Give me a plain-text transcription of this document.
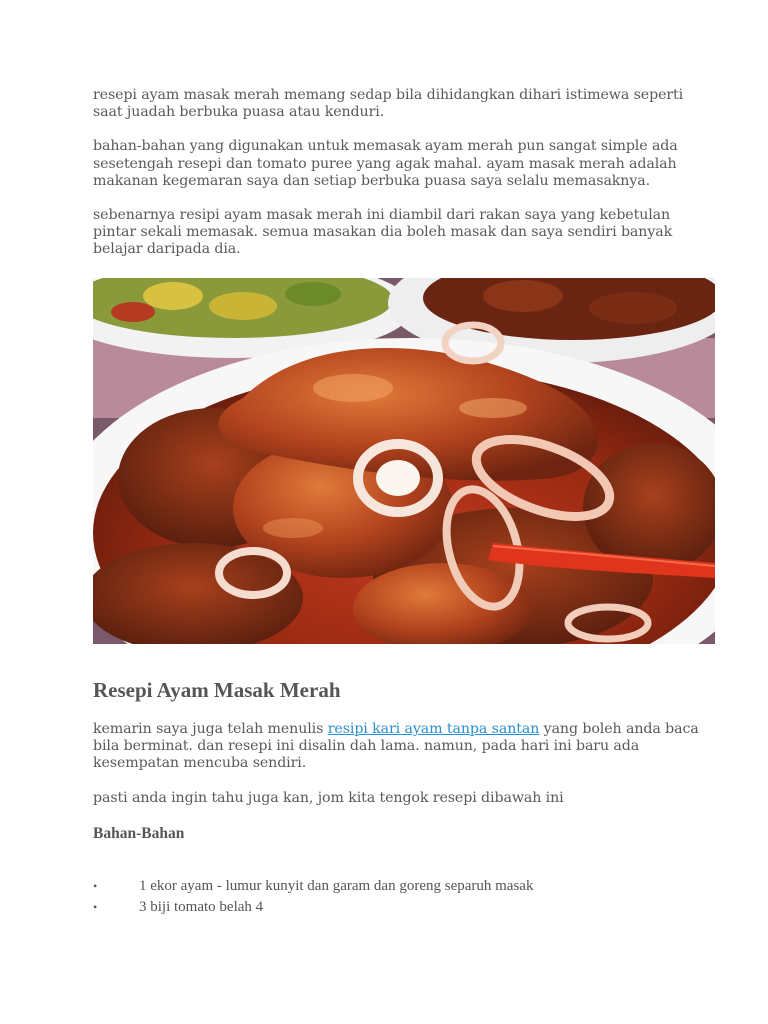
resepi ayam masak merah memang sedap bila dihidangkan dihari istimewa seperti saat juadah berbuka puasa atau kenduri.

bahan-bahan yang digunakan untuk memasak ayam merah pun sangat simple ada sesetengah resepi dan tomato puree yang agak mahal. ayam masak merah adalah makanan kegemaran saya dan setiap berbuka puasa saya selalu memasaknya.

sebenarnya resipi ayam masak merah ini diambil dari rakan saya yang kebetulan pintar sekali memasak. semua masakan dia boleh masak dan saya sendiri banyak belajar daripada dia.

Resepi Ayam Masak Merah

kemarin saya juga telah menulis resipi kari ayam tanpa santan yang boleh anda baca bila berminat. dan resepi ini disalin dah lama. namun, pada hari ini baru ada kesempatan mencuba sendiri.

pasti anda ingin tahu juga kan, jom kita tengok resepi dibawah ini

Bahan-Bahan

•	1 ekor ayam - lumur kunyit dan garam dan goreng separuh masak
•	3 biji tomato belah 4
